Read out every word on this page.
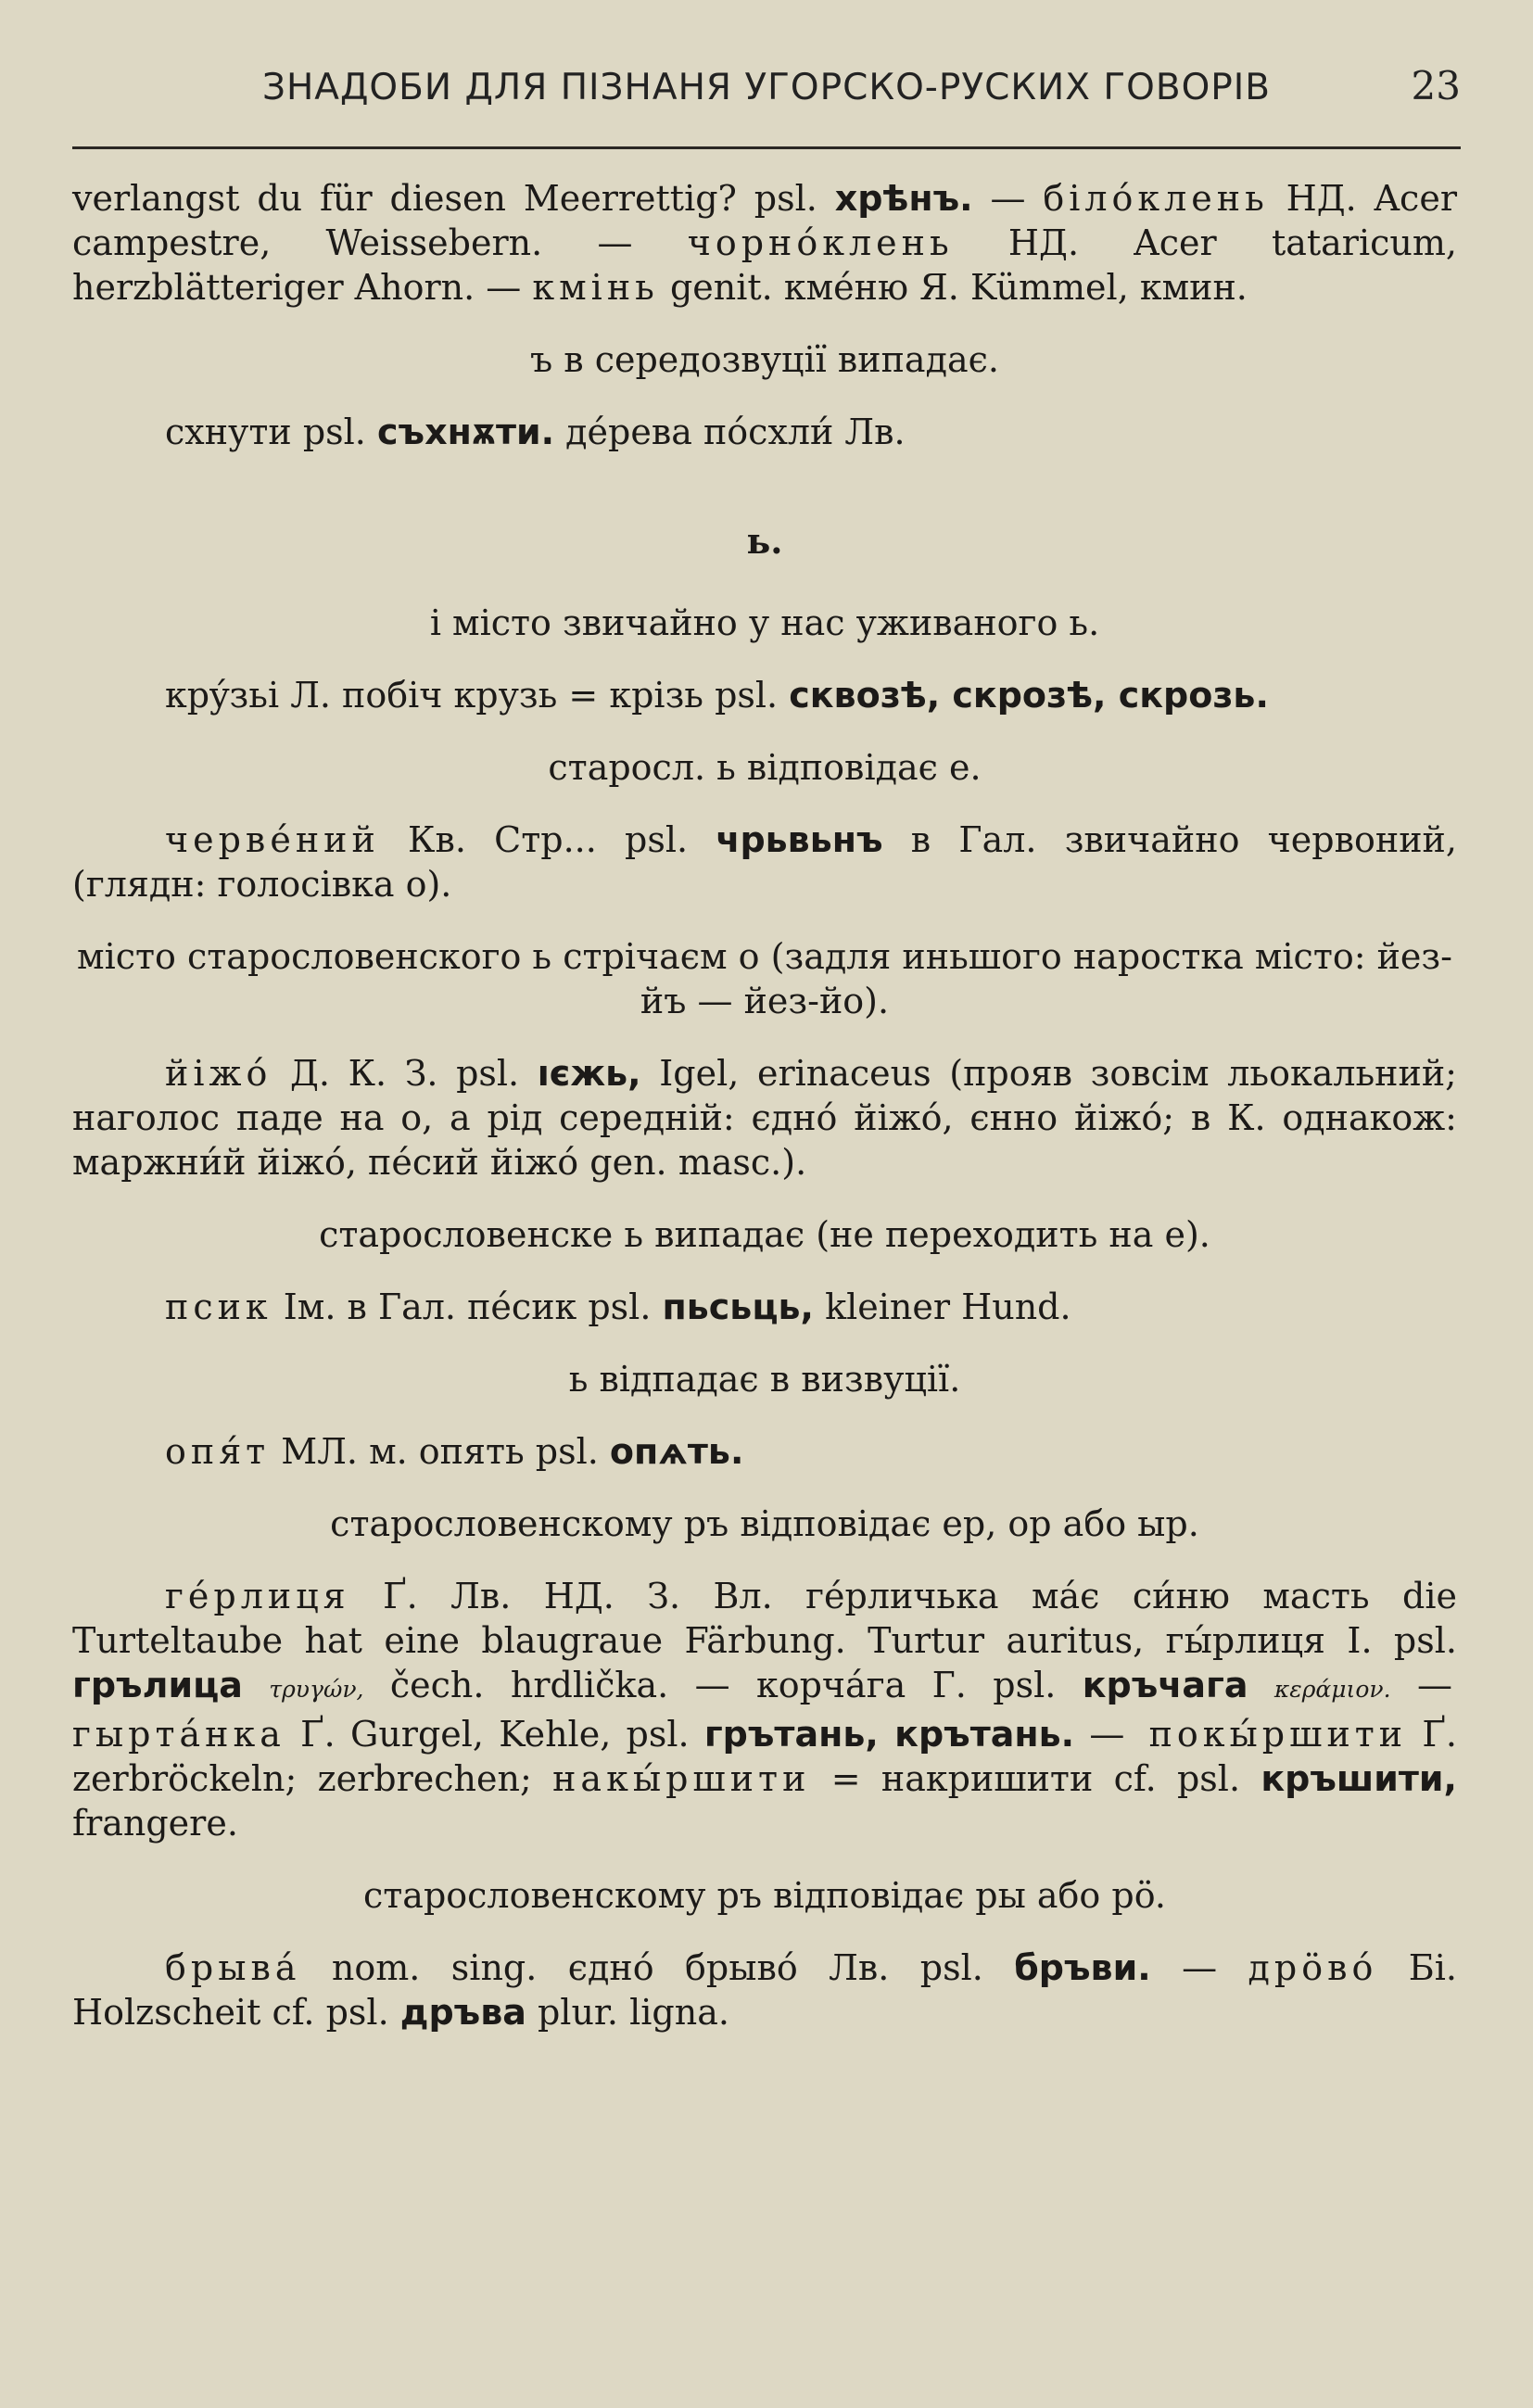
ЗНАДОБИ ДЛЯ ПІЗНАНЯ УГОРСКО-РУСКИХ ГОВОРІВ	23

verlangst du für diesen Meerrettig? psl. хрѣнъ. — білóклень НД. Acer campestre, Weissebern. — чорнóклень НД. Acer tataricum, herzblätteriger Ahorn. — кмінь genit. кмéню Я. Kümmel, кмин.

ъ в середозвуції випадає.

схнути psl. съхнѫти. дéрева пóсхли́ Лв.

ь.
і місто звичайно у нас уживаного ь.

крýзьі Л. побіч крузь = крізь psl. сквозѣ, скрозѣ, скрозь.

старосл. ь відповідає е.

червéний Кв. Стр... psl. чрьвьнъ в Гал. звичайно червоний, (глядн: голосівка о).

місто старословенского ь стрічаєм о (задля иньшого наростка місто: йез-йъ — йез-йо).

йіжó Д. К. З. psl. ıєжь, Igel, erinaceus (прояв зовсім льокальний; наголос паде на о, а рід середній: єдно́ йіжо́, єнно йіжо́; в К. однакож: маржни́й йіжó, пéсий йіжó gen. masc.).

старословенске ь випадає (не переходить на е).

псик Ім. в Гал. пéсик psl. пьсьць, kleiner Hund.

ь відпадає в визвуції.

опя́т МЛ. м. опять psl. опѧть.

старословенскому ръ відповідає ер, ор або ыр.

гéрлиця Ґ. Лв. НД. З. Вл. гéрличька мáє си́ню масть die Turteltaube hat eine blaugraue Färbung. Turtur auritus, гы́рлиця І. psl. грълица τρυγών, čech. hrdlička. — корчáга Г. psl. кръчага κεράμιον. — гыртáнка Ґ. Gurgel, Kehle, psl. грътань, крътань. — покы́ршити Ґ. zerbröckeln; zerbrechen; накы́ршити = накришити cf. psl. кръшити, frangere.

старословенскому ръ відповідає ры або рö.

брывá nom. sing. єднó брывó Лв. psl. бръви. — дрöвó Бі. Holzscheit cf. psl. дръва plur. ligna.
